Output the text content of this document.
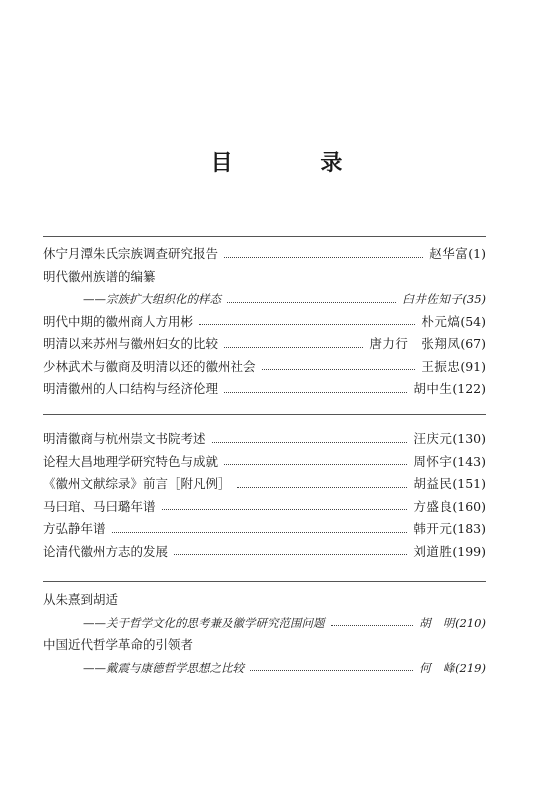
目 录
休宁月潭朱氏宗族调查研究报告	赵华富(1)
明代徽州族谱的编纂
——宗族扩大组织化的样态	臼井佐知子(35)
明代中期的徽州商人方用彬	朴元熇(54)
明清以来苏州与徽州妇女的比较	唐力行　张翔凤(67)
少林武术与徽商及明清以还的徽州社会	王振忠(91)
明清徽州的人口结构与经济伦理	胡中生(122)
明清徽商与杭州崇文书院考述	汪庆元(130)
论程大昌地理学研究特色与成就	周怀宇(143)
《徽州文献综录》前言［附凡例］	胡益民(151)
马曰琯、马曰璐年谱	方盛良(160)
方弘静年谱	韩开元(183)
论清代徽州方志的发展	刘道胜(199)
从朱熹到胡适
——关于哲学文化的思考兼及徽学研究范围问题	胡　明(210)
中国近代哲学革命的引领者
——戴震与康德哲学思想之比较	何　峰(219)
